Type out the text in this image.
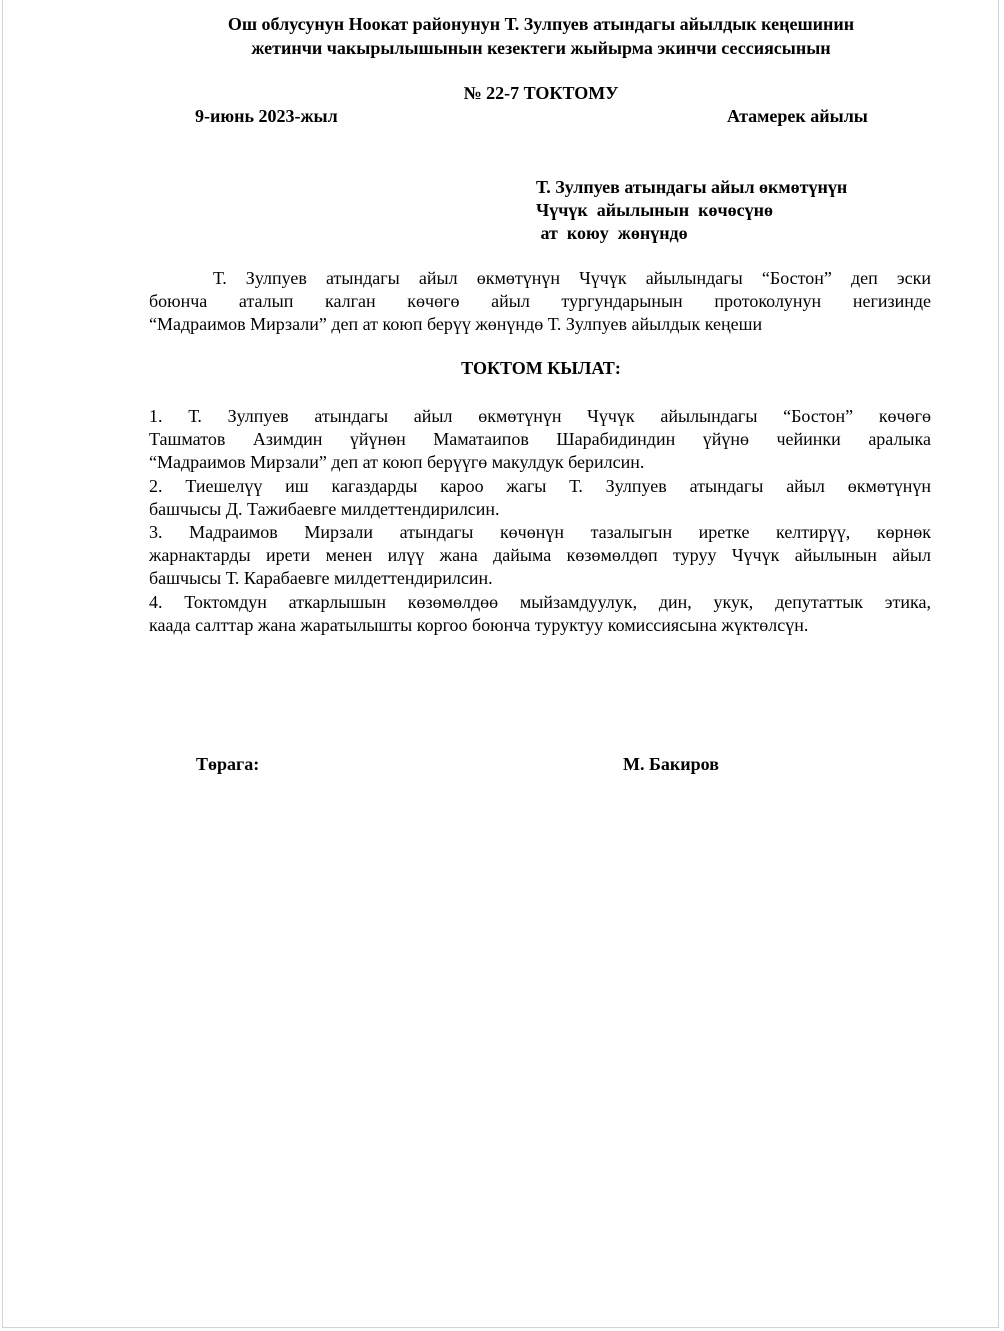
Ош облусунун Ноокат районунун Т. Зулпуев атындагы айылдык кеңешинин
жетинчи чакырылышынын кезектеги жыйырма экинчи сессиясынын
№ 22-7 ТОКТОМУ
9-июнь 2023-жыл	Атамерек айылы
Т. Зулпуев атындагы айыл өкмөтүнүн
Чүчүк  айылынын  көчөсүнө
ат  коюу  жөнүндө
Т. Зулпуев атындагы айыл өкмөтүнүн Чүчүк айылындагы “Бостон” деп эски
боюнча аталып калган көчөгө айыл тургундарынын протоколунун негизинде
“Мадраимов Мирзали” деп ат коюп берүү жөнүндө Т. Зулпуев айылдык кеңеши
ТОКТОМ КЫЛАТ:
1. Т. Зулпуев атындагы айыл өкмөтүнүн Чүчүк айылындагы “Бостон” көчөгө
Ташматов Азимдин үйүнөн Маматаипов Шарабидиндин үйүнө чейинки аралыка
“Мадраимов Мирзали” деп ат коюп берүүгө макулдук берилсин.
2. Тиешелүү иш кагаздарды кароо жагы Т. Зулпуев атындагы айыл өкмөтүнүн
башчысы Д. Тажибаевге милдеттендирилсин.
3. Мадраимов Мирзали атындагы көчөнүн тазалыгын иретке келтирүү, көрнөк
жарнактарды ирети менен илүү жана дайыма көзөмөлдөп туруу Чүчүк айылынын айыл
башчысы Т. Карабаевге милдеттендирилсин.
4. Токтомдун аткарлышын көзөмөлдөө мыйзамдуулук, дин, укук, депутаттык этика,
каада салттар жана жаратылышты коргоо боюнча туруктуу комиссиясына жүктөлсүн.
Төрага:	М. Бакиров
